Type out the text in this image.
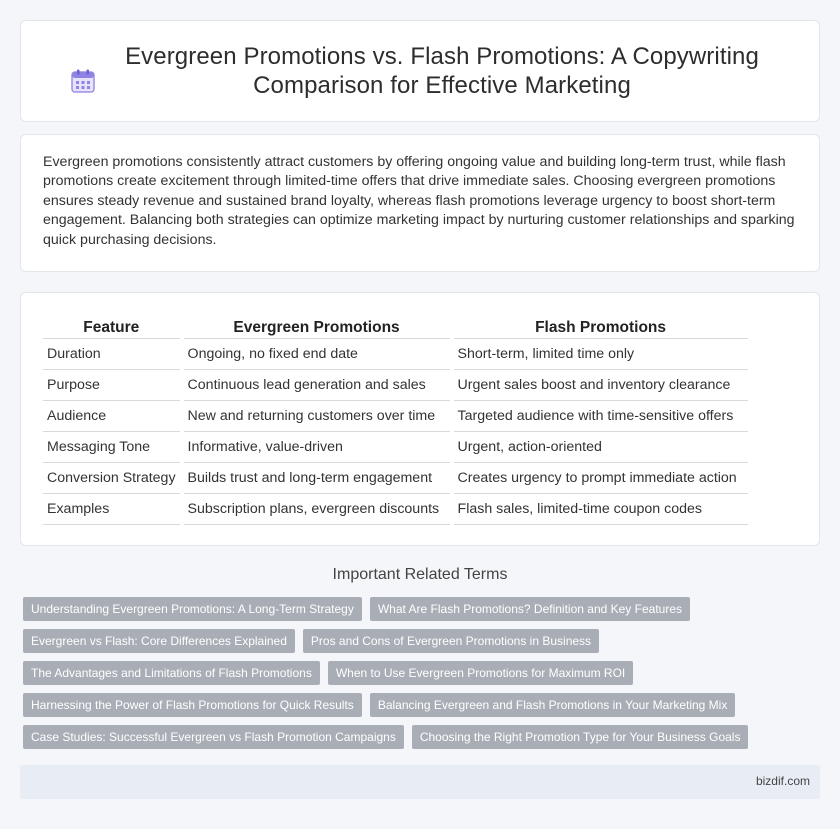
Evergreen Promotions vs. Flash Promotions: A Copywriting Comparison for Effective Marketing

Evergreen promotions consistently attract customers by offering ongoing value and building long-term trust, while flash promotions create excitement through limited-time offers that drive immediate sales. Choosing evergreen promotions ensures steady revenue and sustained brand loyalty, whereas flash promotions leverage urgency to boost short-term engagement. Balancing both strategies can optimize marketing impact by nurturing customer relationships and sparking quick purchasing decisions.

Feature	Evergreen Promotions	Flash Promotions
Duration	Ongoing, no fixed end date	Short-term, limited time only
Purpose	Continuous lead generation and sales	Urgent sales boost and inventory clearance
Audience	New and returning customers over time	Targeted audience with time-sensitive offers
Messaging Tone	Informative, value-driven	Urgent, action-oriented
Conversion Strategy	Builds trust and long-term engagement	Creates urgency to prompt immediate action
Examples	Subscription plans, evergreen discounts	Flash sales, limited-time coupon codes
Important Related Terms
Understanding Evergreen Promotions: A Long-Term Strategy	What Are Flash Promotions? Definition and Key Features
Evergreen vs Flash: Core Differences Explained	Pros and Cons of Evergreen Promotions in Business
The Advantages and Limitations of Flash Promotions	When to Use Evergreen Promotions for Maximum ROI
Harnessing the Power of Flash Promotions for Quick Results	Balancing Evergreen and Flash Promotions in Your Marketing Mix
Case Studies: Successful Evergreen vs Flash Promotion Campaigns	Choosing the Right Promotion Type for Your Business Goals
bizdif.com
